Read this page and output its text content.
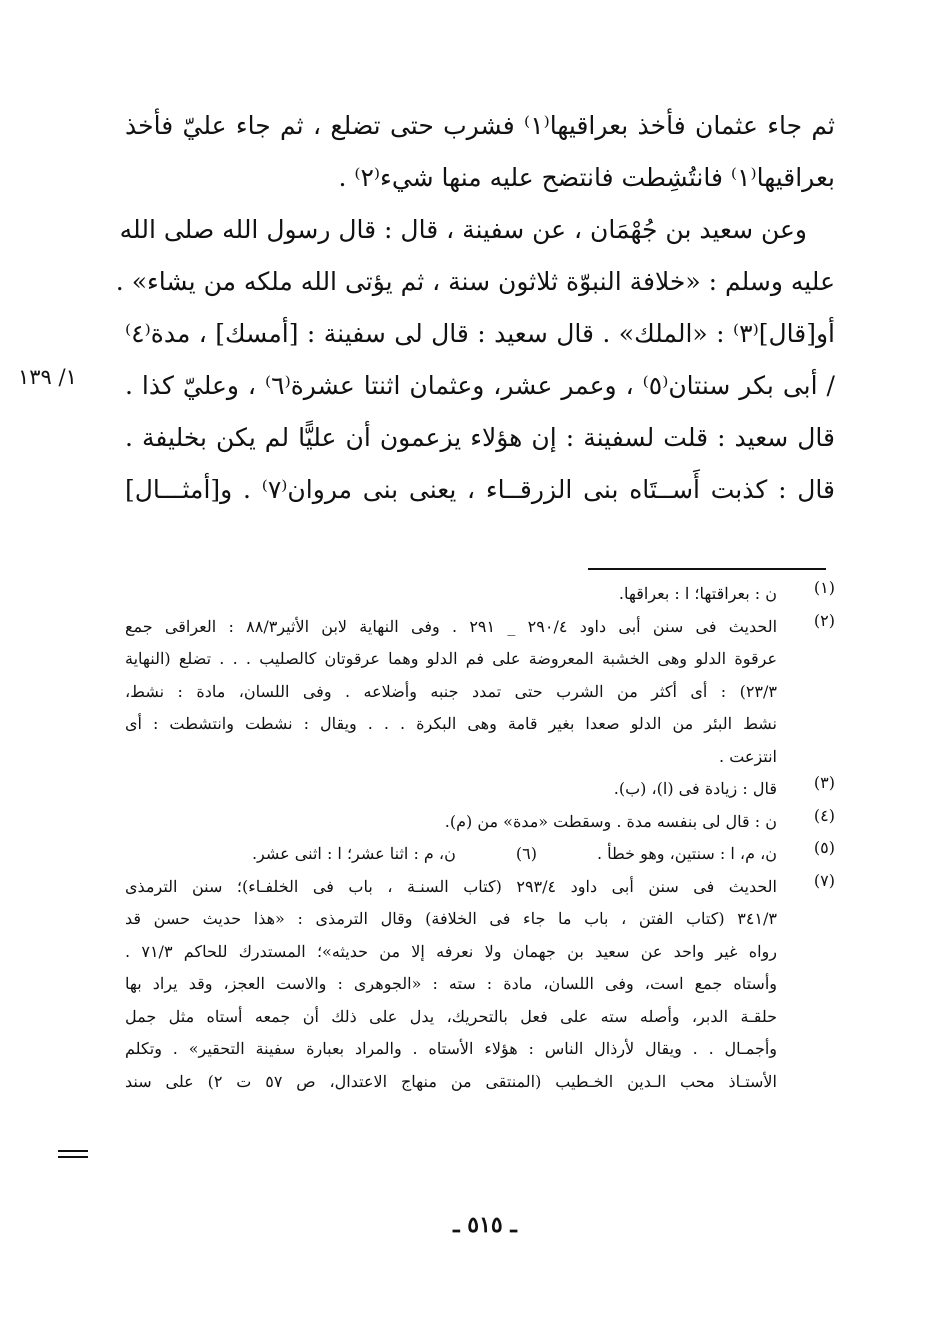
ثم جاء عثمان فأخذ بعراقيها⁽١⁾ فشرب حتى تضلع ، ثم جاء عليّ فأخذ
بعراقيها⁽١⁾ فانتُشِطت فانتضح عليه منها شيء⁽٢⁾ .
وعن سعيد بن جُهْمَان ، عن سفينة ، قال : قال رسول الله صلى الله
عليه وسلم : «خلافة النبوّة ثلاثون سنة ، ثم يؤتى الله ملكه من يشاء» .
أو[قال]⁽٣⁾ : «الملك» . قال سعيد : قال لى سفينة : [أمسك] ، مدة⁽٤⁾
/ أبى بكر سنتان⁽٥⁾ ، وعمر عشر، وعثمان اثنتا عشرة⁽٦⁾ ، وعليّ كذا .
قال سعيد : قلت لسفينة : إن هؤلاء يزعمون أن عليًّا لم يكن بخليفة .
قال : كذبت أَســتَاه بنى الزرقــاء ، يعنى بنى مروان⁽٧⁾ . و[أمثـــال]
١/ ١٣٩
(١)
ن : بعراقتها؛ ا : بعراقها.
(٢)
الحديث فى سنن أبى داود ٢٩٠/٤ _ ٢٩١ . وفى النهاية لابن الأثير٨٨/٣ : العراقى جمع
عرقوة الدلو وهى الخشبة المعروضة على فم الدلو وهما عرقوتان كالصليب . . . تضلع (النهاية
٢٣/٣) : أى أكثر من الشرب حتى تمدد جنبه وأضلاعه . وفى اللسان، مادة : نشط،
نشط البئر من الدلو صعدا بغير قامة وهى البكرة . . . ويقال : نشطت وانتشطت : أى
انتزعت .
(٣)
قال : زيادة فى (ا)، (ب).
(٤)
ن : قال لى بنفسه مدة . وسقطت «مدة» من (م).
(٥)
ن، م، ا : سنتين، وهو خطأ .
(٦)
ن، م : اثنا عشر؛ ا : اثنى عشر.
(٧)
الحديث فى سنن أبى داود ٢٩٣/٤ (كتاب السنـة ، باب فى الخلفـاء)؛ سنن الترمذى
٣٤١/٣ (كتاب الفتن ، باب ما جاء فى الخلافة) وقال الترمذى : «هذا حديث حسن قد
رواه غير واحد عن سعيد بن جهمان ولا نعرفه إلا من حديثه»؛ المستدرك للحاكم ٧١/٣ .
وأستاه جمع است، وفى اللسان، مادة : سته : «الجوهرى : والاست العجز، وقد يراد بها
حلقـة الدبر، وأصله سته على فعل بالتحريك، يدل على ذلك أن جمعه أستاه مثل جمل
وأجمـال . . ويقال لأرذال الناس : هؤلاء الأستاه . والمراد بعبارة سفينة التحقير» . وتكلم
الأستـاذ محب الـدين الخـطيب (المنتقى من منهاج الاعتدال، ص ٥٧ ت ٢) على سند
ـ ٥١٥ ـ
